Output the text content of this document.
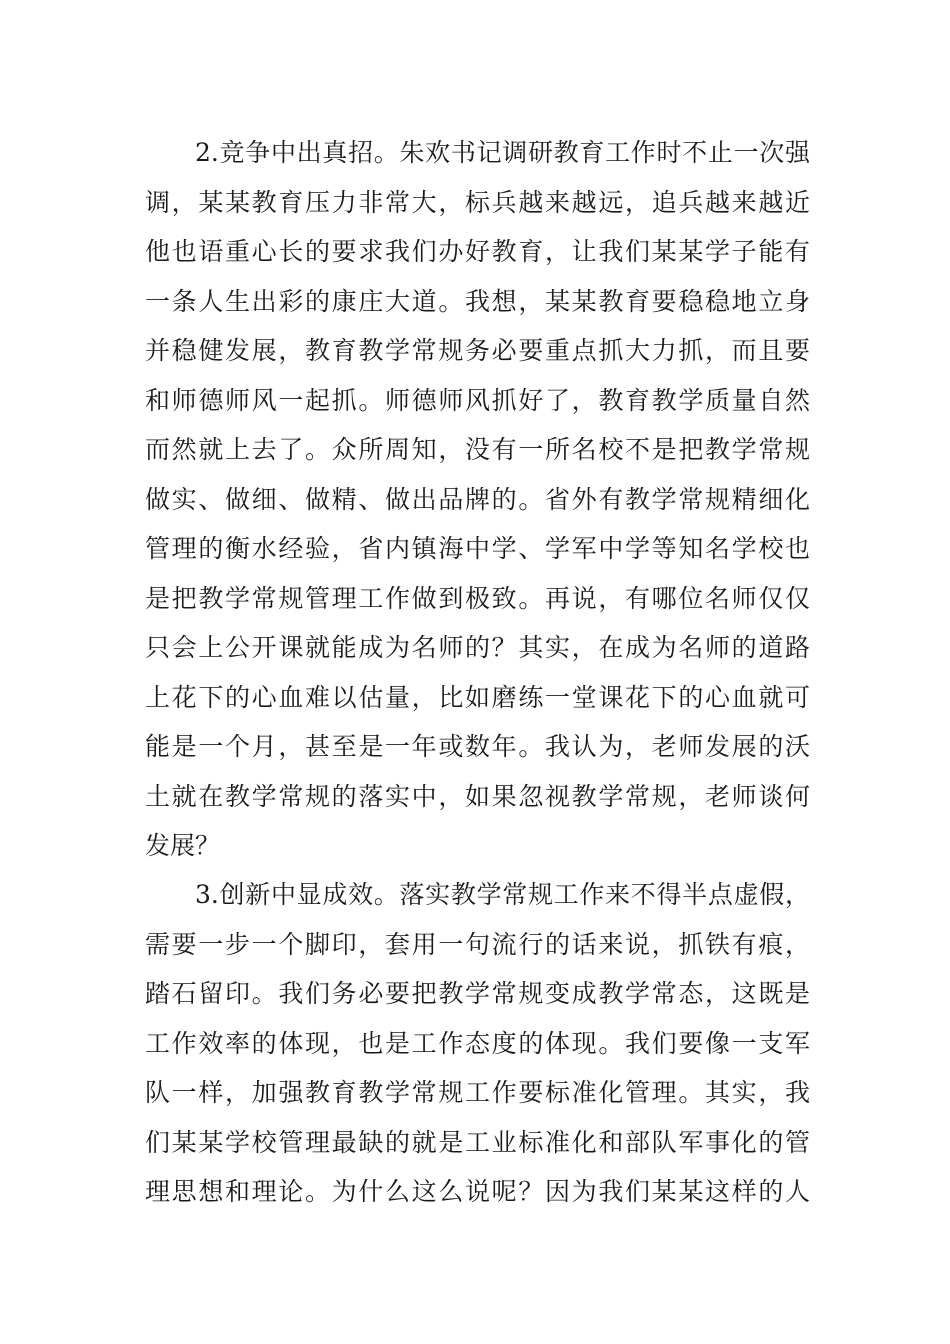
2.竞争中出真招。朱欢书记调研教育工作时不止一次强
调，某某教育压力非常大，标兵越来越远，追兵越来越近
他也语重心长的要求我们办好教育，让我们某某学子能有
一条人生出彩的康庄大道。我想，某某教育要稳稳地立身
并稳健发展，教育教学常规务必要重点抓大力抓，而且要
和师德师风一起抓。师德师风抓好了，教育教学质量自然
而然就上去了。众所周知，没有一所名校不是把教学常规
做实、做细、做精、做出品牌的。省外有教学常规精细化
管理的衡水经验，省内镇海中学、学军中学等知名学校也
是把教学常规管理工作做到极致。再说，有哪位名师仅仅
只会上公开课就能成为名师的？其实，在成为名师的道路
上花下的心血难以估量，比如磨练一堂课花下的心血就可
能是一个月，甚至是一年或数年。我认为，老师发展的沃
土就在教学常规的落实中，如果忽视教学常规，老师谈何
发展？
3.创新中显成效。落实教学常规工作来不得半点虚假，
需要一步一个脚印，套用一句流行的话来说，抓铁有痕，
踏石留印。我们务必要把教学常规变成教学常态，这既是
工作效率的体现，也是工作态度的体现。我们要像一支军
队一样，加强教育教学常规工作要标准化管理。其实，我
们某某学校管理最缺的就是工业标准化和部队军事化的管
理思想和理论。为什么这么说呢？因为我们某某这样的人
